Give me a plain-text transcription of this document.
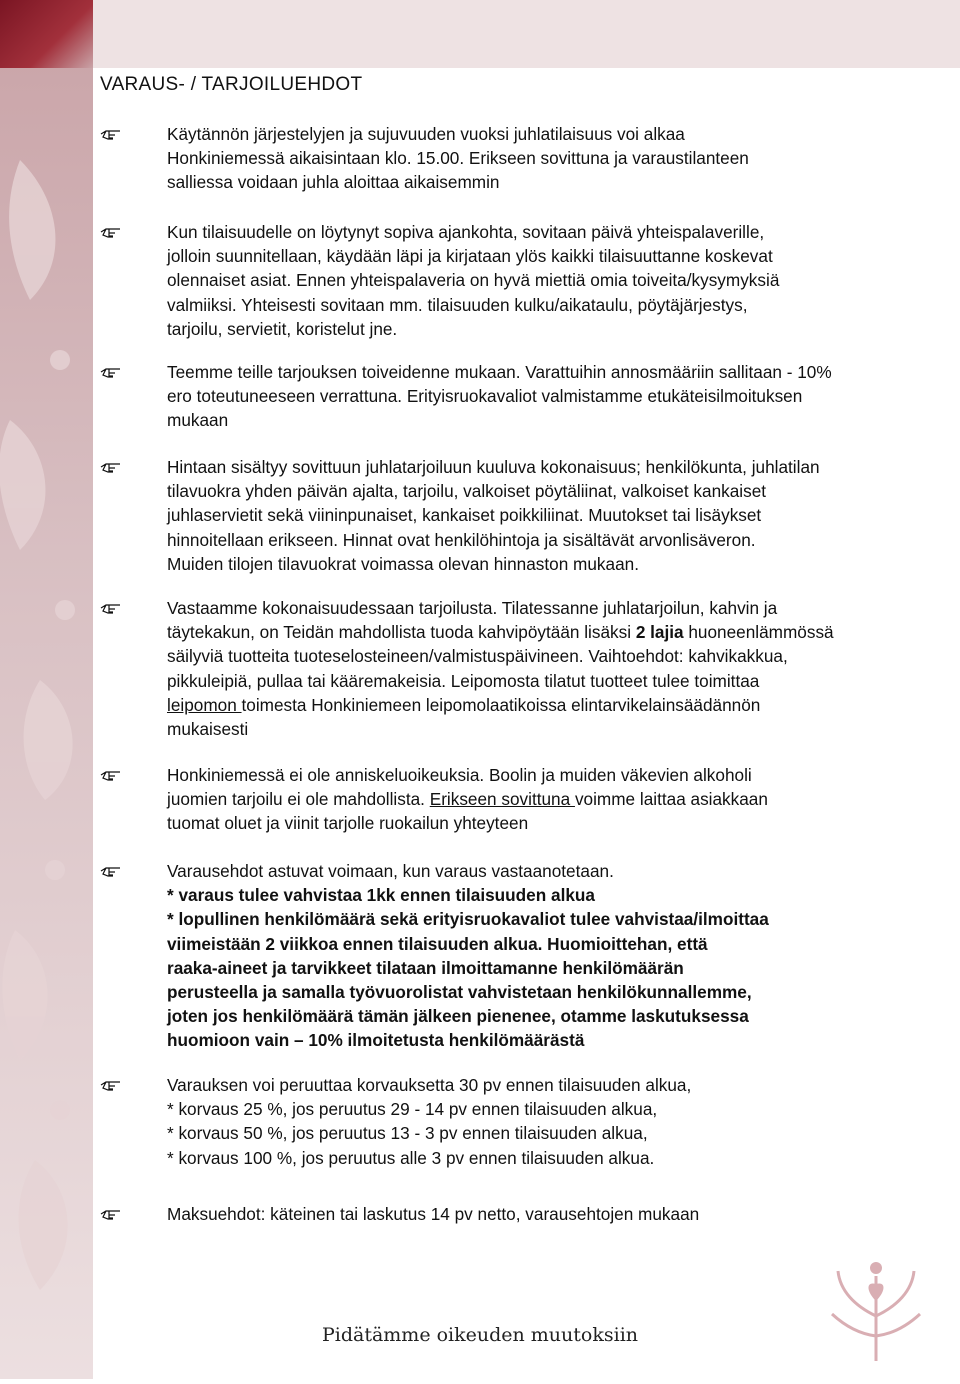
VARAUS- / TARJOILUEHDOT

Käytännön järjestelyjen ja sujuvuuden vuoksi juhlatilaisuus voi alkaa

Honkiniemessä aikaisintaan klo. 15.00. Erikseen sovittuna ja varaustilanteen

salliessa voidaan juhla aloittaa aikaisemmin

Kun tilaisuudelle on löytynyt sopiva ajankohta, sovitaan päivä yhteispalaverille,

jolloin suunnitellaan, käydään läpi ja kirjataan ylös kaikki tilaisuuttanne koskevat

olennaiset asiat. Ennen yhteispalaveria on hyvä miettiä omia toiveita/kysymyksiä

valmiiksi. Yhteisesti sovitaan mm. tilaisuuden kulku/aikataulu, pöytäjärjestys,

tarjoilu, servietit, koristelut jne.

Teemme teille tarjouksen toiveidenne mukaan. Varattuihin annosmääriin sallitaan - 10%

ero toteutuneeseen verrattuna. Erityisruokavaliot valmistamme etukäteisilmoituksen

mukaan

Hintaan sisältyy sovittuun juhlatarjoiluun kuuluva kokonaisuus; henkilökunta, juhlatilan

tilavuokra yhden päivän ajalta, tarjoilu, valkoiset pöytäliinat, valkoiset kankaiset

juhlaservietit sekä viininpunaiset, kankaiset poikkiliinat. Muutokset tai lisäykset

hinnoitellaan erikseen. Hinnat ovat henkilöhintoja ja sisältävät arvonlisäveron.

Muiden tilojen tilavuokrat voimassa olevan hinnaston mukaan.

Vastaamme kokonaisuudessaan tarjoilusta. Tilatessanne juhlatarjoilun, kahvin ja

täytekakun, on Teidän mahdollista tuoda kahvipöytään lisäksi 2 lajia huoneenlämmössä

säilyviä tuotteita tuoteselosteineen/valmistuspäivineen. Vaihtoehdot: kahvikakkua,

pikkuleipiä, pullaa tai kääremakeisia. Leipomosta tilatut tuotteet tulee toimittaa

leipomon toimesta Honkiniemeen leipomolaatikoissa elintarvikelainsäädännön

mukaisesti

Honkiniemessä ei ole anniskeluoikeuksia. Boolin ja muiden väkevien alkoholi

juomien tarjoilu ei ole mahdollista. Erikseen sovittuna voimme laittaa asiakkaan

tuomat oluet ja viinit tarjolle ruokailun yhteyteen

Varausehdot astuvat voimaan, kun varaus vastaanotetaan.

* varaus tulee vahvistaa 1kk ennen tilaisuuden alkua

* lopullinen henkilömäärä sekä erityisruokavaliot tulee vahvistaa/ilmoittaa

viimeistään 2 viikkoa ennen tilaisuuden alkua. Huomioittehan, että

raaka-aineet ja tarvikkeet tilataan ilmoittamanne henkilömäärän

perusteella ja samalla työvuorolistat vahvistetaan henkilökunnallemme,

joten jos henkilömäärä tämän jälkeen pienenee, otamme laskutuksessa

huomioon vain – 10% ilmoitetusta henkilömäärästä

Varauksen voi peruuttaa korvauksetta 30 pv ennen tilaisuuden alkua,

* korvaus 25 %, jos peruutus 29 - 14 pv ennen tilaisuuden alkua,

* korvaus 50 %, jos peruutus 13 - 3 pv ennen tilaisuuden alkua,

* korvaus 100 %, jos peruutus alle 3 pv ennen tilaisuuden alkua.

Maksuehdot: käteinen tai laskutus 14 pv netto, varausehtojen mukaan

Pidätämme oikeuden muutoksiin
